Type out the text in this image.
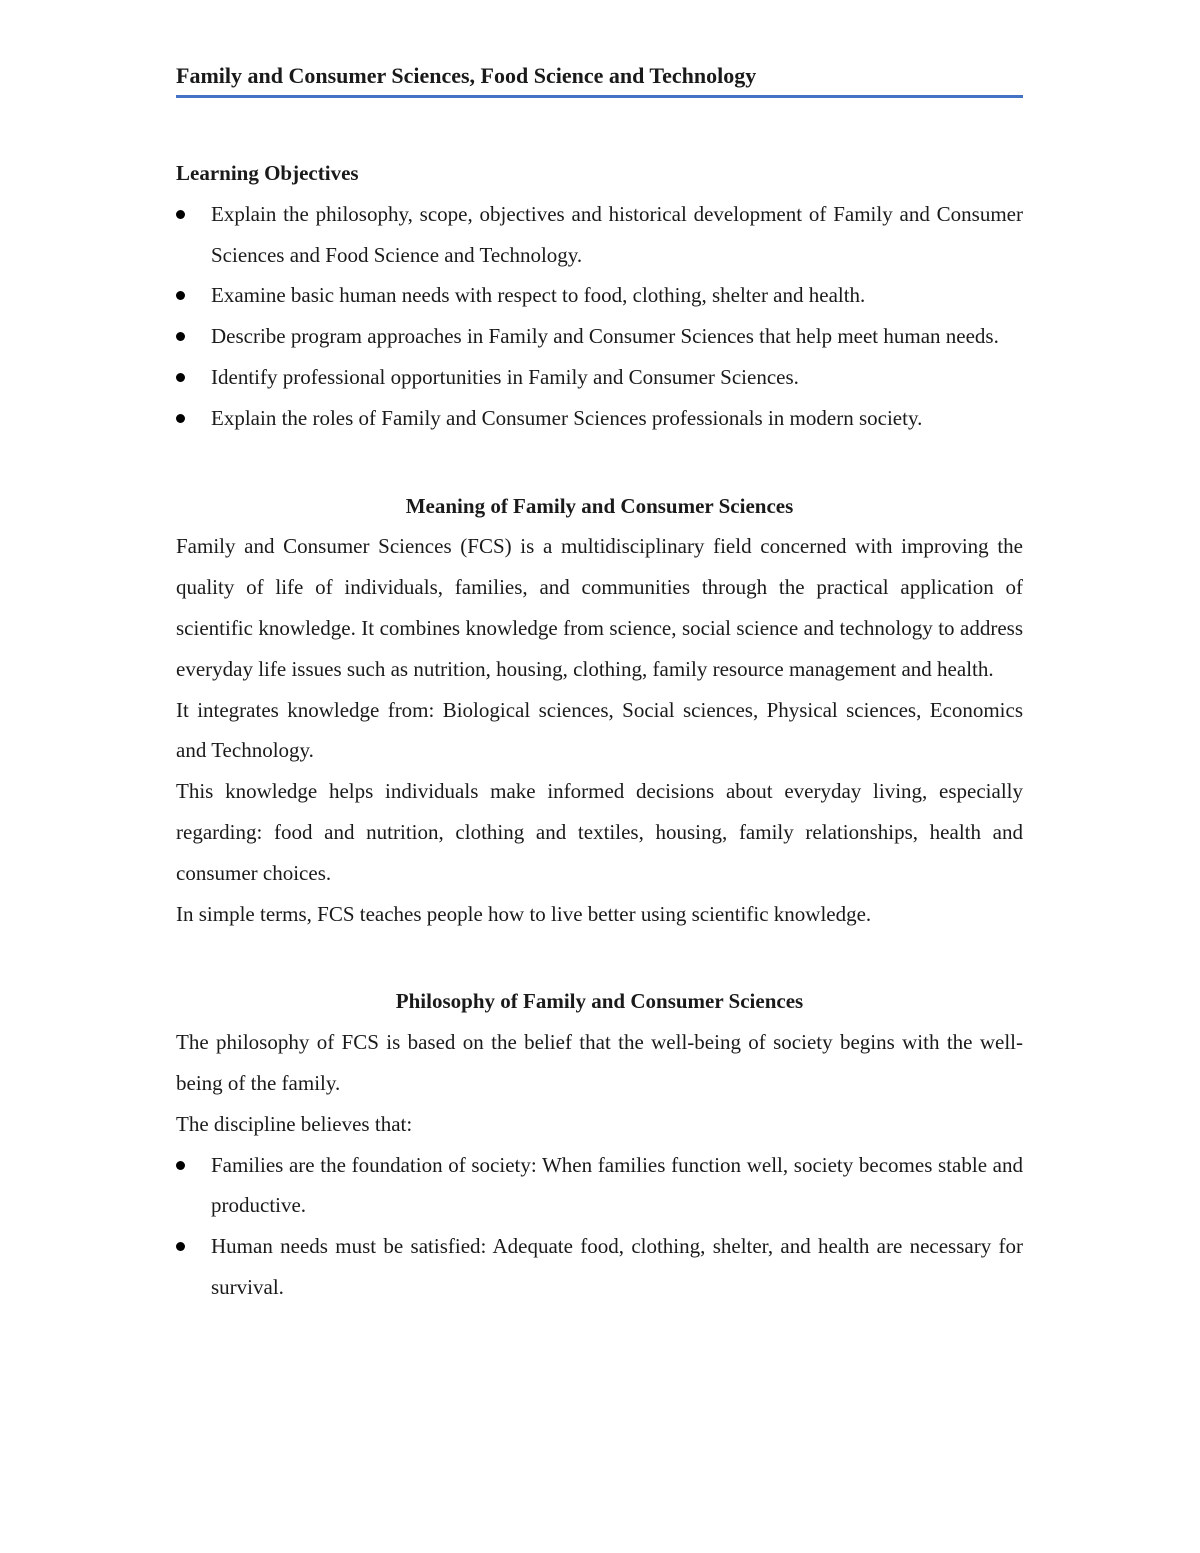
Family and Consumer Sciences, Food Science and Technology

Learning Objectives

Explain the philosophy, scope, objectives and historical development of Family and Consumer Sciences and Food Science and Technology.
Examine basic human needs with respect to food, clothing, shelter and health.
Describe program approaches in Family and Consumer Sciences that help meet human needs.
Identify professional opportunities in Family and Consumer Sciences.
Explain the roles of Family and Consumer Sciences professionals in modern society.

Meaning of Family and Consumer Sciences

Family and Consumer Sciences (FCS) is a multidisciplinary field concerned with improving the quality of life of individuals, families, and communities through the practical application of scientific knowledge. It combines knowledge from science, social science and technology to address everyday life issues such as nutrition, housing, clothing, family resource management and health.

It integrates knowledge from: Biological sciences, Social sciences, Physical sciences, Economics and Technology.

This knowledge helps individuals make informed decisions about everyday living, especially regarding: food and nutrition, clothing and textiles, housing, family relationships, health and consumer choices.

In simple terms, FCS teaches people how to live better using scientific knowledge.

Philosophy of Family and Consumer Sciences

The philosophy of FCS is based on the belief that the well-being of society begins with the well-being of the family.

The discipline believes that:

Families are the foundation of society: When families function well, society becomes stable and productive.
Human needs must be satisfied: Adequate food, clothing, shelter, and health are necessary for survival.
